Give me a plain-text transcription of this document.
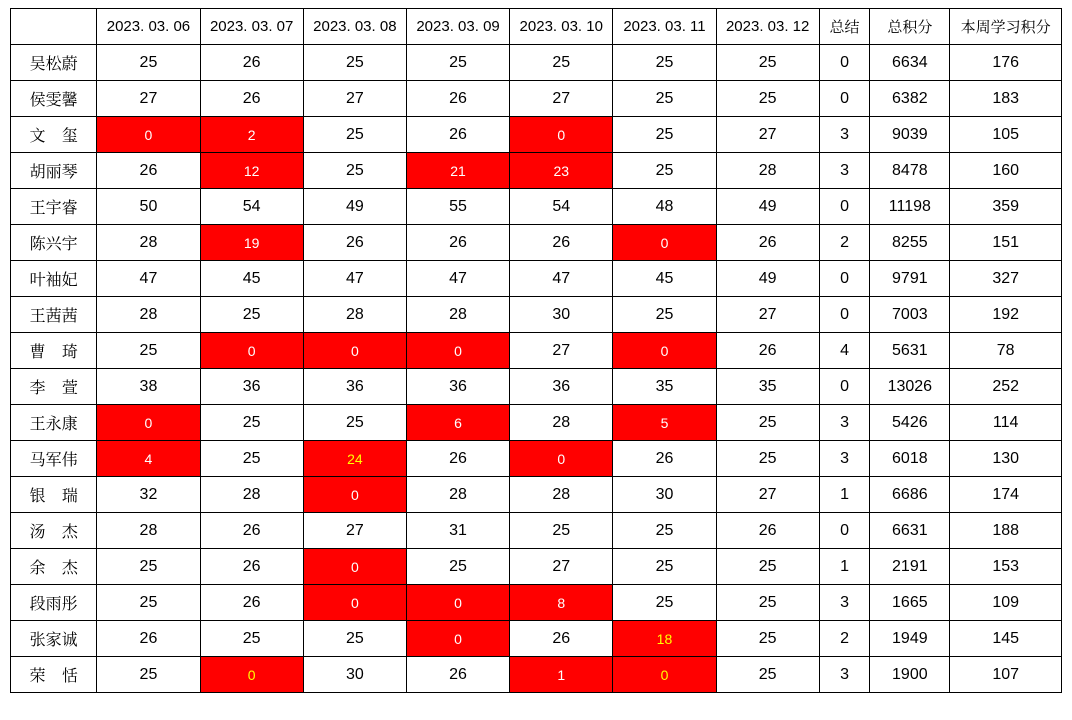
	2023. 03. 06	2023. 03. 07	2023. 03. 08	2023. 03. 09	2023. 03. 10	2023. 03. 11	2023. 03. 12	总结	总积分	本周学习积分
吴松蔚	25	26	25	25	25	25	25	0	6634	176
侯雯馨	27	26	27	26	27	25	25	0	6382	183
文 玺	0	2	25	26	0	25	27	3	9039	105
胡丽琴	26	12	25	21	23	25	28	3	8478	160
王宇睿	50	54	49	55	54	48	49	0	11198	359
陈兴宇	28	19	26	26	26	0	26	2	8255	151
叶袖妃	47	45	47	47	47	45	49	0	9791	327
王茜茜	28	25	28	28	30	25	27	0	7003	192
曹 琦	25	0	0	0	27	0	26	4	5631	78
李 萱	38	36	36	36	36	35	35	0	13026	252
王永康	0	25	25	6	28	5	25	3	5426	114
马军伟	4	25	24	26	0	26	25	3	6018	130
银 瑞	32	28	0	28	28	30	27	1	6686	174
汤 杰	28	26	27	31	25	25	26	0	6631	188
余 杰	25	26	0	25	27	25	25	1	2191	153
段雨彤	25	26	0	0	8	25	25	3	1665	109
张家诚	26	25	25	0	26	18	25	2	1949	145
荣 恬	25	0	30	26	1	0	25	3	1900	107
